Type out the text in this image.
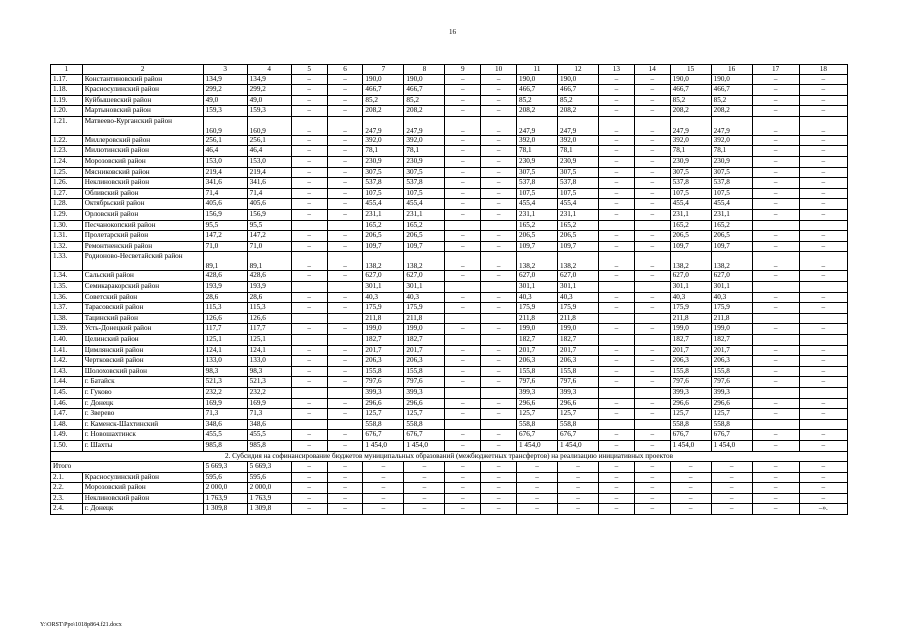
16
1	2	3	4	5	6	7	8	9	10	11	12	13	14	15	16	17	18
1.17.	Константиновский район	134,9	134,9	–	–	190,0	190,0	–	–	190,0	190,0	–	–	190,0	190,0	–	–
1.18.	Красносулинский район	299,2	299,2	–	–	466,7	466,7	–	–	466,7	466,7	–	–	466,7	466,7	–	–
1.19.	Куйбышевский район	49,0	49,0	–	–	85,2	85,2	–	–	85,2	85,2	–	–	85,2	85,2	–	–
1.20.	Мартыновский район	159,3	159,3	–	–	208,2	208,2	–	–	208,2	208,2	–	–	208,2	208,2	–	–
1.21.	Матвеево-Курганский район	160,9	160,9	–	–	247,9	247,9	–	–	247,9	247,9	–	–	247,9	247,9	–	–
1.22.	Миллеровский район	256,1	256,1	–	–	392,0	392,0	–	–	392,0	392,0	–	–	392,0	392,0	–	–
1.23.	Милютинский район	46,4	46,4	–	–	78,1	78,1	–	–	78,1	78,1	–	–	78,1	78,1	–	–
1.24.	Морозовский район	153,0	153,0	–	–	230,9	230,9	–	–	230,9	230,9	–	–	230,9	230,9	–	–
1.25.	Мясниковский район	219,4	219,4	–	–	307,5	307,5	–	–	307,5	307,5	–	–	307,5	307,5	–	–
1.26.	Неклиновский район	341,6	341,6	–	–	537,8	537,8	–	–	537,8	537,8	–	–	537,8	537,8	–	–
1.27.	Обливский район	71,4	71,4	–	–	107,5	107,5	–	–	107,5	107,5	–	–	107,5	107,5	–	–
1.28.	Октябрьский район	405,6	405,6	–	–	455,4	455,4	–	–	455,4	455,4	–	–	455,4	455,4	–	–
1.29.	Орловский район	156,9	156,9	–	–	231,1	231,1	–	–	231,1	231,1	–	–	231,1	231,1	–	–
1.30.	Песчанокопский район	95,5	95,5			165,2	165,2			165,2	165,2			165,2	165,2		
1.31.	Пролетарский район	147,2	147,2	–	–	206,5	206,5	–	–	206,5	206,5	–	–	206,5	206,5	–	–
1.32.	Ремонтненский район	71,0	71,0	–	–	109,7	109,7	–	–	109,7	109,7	–	–	109,7	109,7	–	–
1.33.	Родионово-Несветайский район	89,1	89,1	–	–	138,2	138,2	–	–	138,2	138,2	–	–	138,2	138,2	–	–
1.34.	Сальский район	428,6	428,6	–	–	627,0	627,0	–	–	627,0	627,0	–	–	627,0	627,0	–	–
1.35.	Семикаракорский район	193,9	193,9			301,1	301,1			301,1	301,1			301,1	301,1		
1.36.	Советский район	28,6	28,6	–	–	40,3	40,3	–	–	40,3	40,3	–	–	40,3	40,3	–	–
1.37.	Тарасовский район	115,3	115,3	–	–	175,9	175,9	–	–	175,9	175,9	–	–	175,9	175,9	–	–
1.38.	Тацинский район	126,6	126,6			211,8	211,8			211,8	211,8			211,8	211,8		
1.39.	Усть-Донецкий район	117,7	117,7	–	–	199,0	199,0	–	–	199,0	199,0	–	–	199,0	199,0	–	–
1.40.	Целинский район	125,1	125,1			182,7	182,7			182,7	182,7			182,7	182,7		
1.41.	Цимлянский район	124,1	124,1	–	–	201,7	201,7	–	–	201,7	201,7	–	–	201,7	201,7	–	–
1.42.	Чертковский район	133,0	133,0	–	–	206,3	206,3	–	–	206,3	206,3	–	–	206,3	206,3	–	–
1.43.	Шолоховский район	98,3	98,3	–	–	155,8	155,8	–	–	155,8	155,8	–	–	155,8	155,8	–	–
1.44.	г. Батайск	521,3	521,3	–	–	797,6	797,6	–	–	797,6	797,6	–	–	797,6	797,6	–	–
1.45.	г. Гуково	232,2	232,2			399,3	399,3			399,3	399,3			399,3	399,3		
1.46.	г. Донецк	169,9	169,9	–	–	296,6	296,6	–	–	296,6	296,6	–	–	296,6	296,6	–	–
1.47.	г. Зверево	71,3	71,3	–	–	125,7	125,7	–	–	125,7	125,7	–	–	125,7	125,7	–	–
1.48.	г. Каменск-Шахтинский	348,6	348,6			558,8	558,8			558,8	558,8			558,8	558,8		
1.49.	г. Новошахтинск	455,5	455,5	–	–	676,7	676,7	–	–	676,7	676,7	–	–	676,7	676,7	–	–
1.50.	г. Шахты	985,8	985,8	–	–	1 454,0	1 454,0	–	–	1 454,0	1 454,0	–	–	1 454,0	1 454,0	–	–
2. Субсидия на софинансирование бюджетов муниципальных образований (межбюджетных трансфертов) на реализацию инициативных проектов																	
Итого		5 669,3	5 669,3	–	–	–	–	–	–	–	–	–	–	–	–	–	–
2.1.	Красносулинский район	595,6	595,6	–	–	–	–	–	–	–	–	–	–	–	–	–	–
2.2.	Морозовский район	2 000,0	2 000,0	–	–	–	–	–	–	–	–	–	–	–	–	–	–
2.3.	Неклиновский район	1 763,9	1 763,9	–	–	–	–	–	–	–	–	–	–	–	–	–	–
2.4.	г. Донецк	1 309,8	1 309,8	–	–	–	–	–	–	–	–	–	–	–	–	–	–».
Y:\ORST\Ppo\1018p864.f21.docx
